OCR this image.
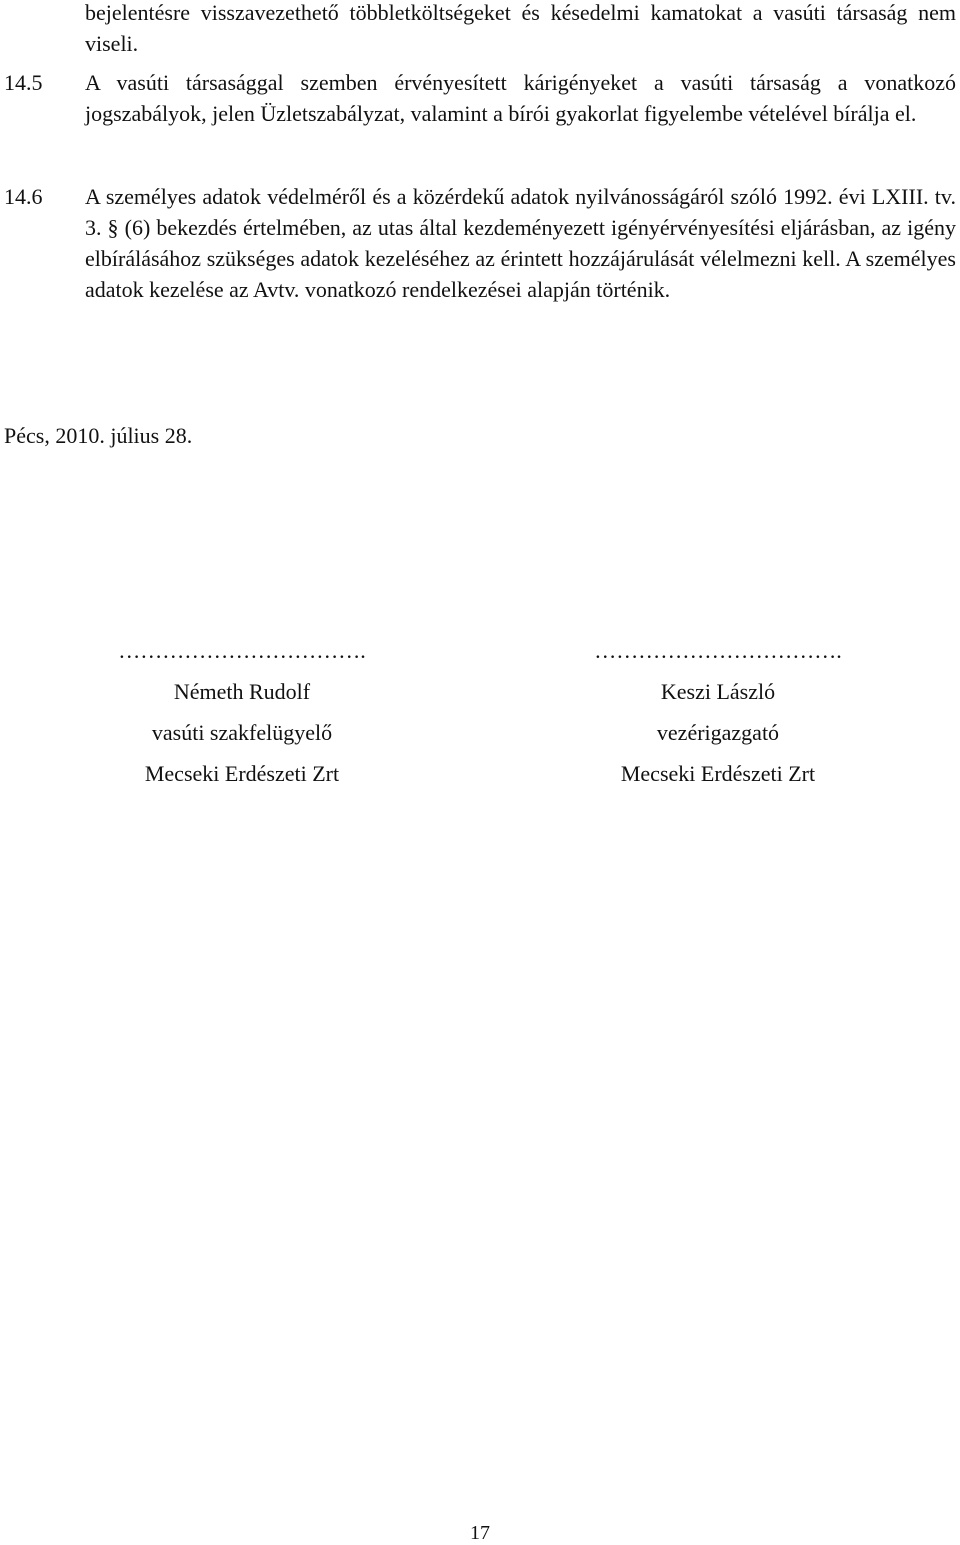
bejelentésre visszavezethető többletköltségeket és késedelmi kamatokat a vasúti társaság nem viseli.
14.5 A vasúti társasággal szemben érvényesített kárigényeket a vasúti társaság a vonatkozó jogszabályok, jelen Üzletszabályzat, valamint a bírói gyakorlat figyelembe vételével bírálja el.
14.6 A személyes adatok védelméről és a közérdekű adatok nyilvánosságáról szóló 1992. évi LXIII. tv. 3. § (6) bekezdés értelmében, az utas által kezdeményezett igényérvényesítési eljárásban, az igény elbírálásához szükséges adatok kezeléséhez az érintett hozzájárulását vélelmezni kell. A személyes adatok kezelése az Avtv. vonatkozó rendelkezései alapján történik.
Pécs, 2010. július 28.
…………………………….
Németh Rudolf
vasúti szakfelügyelő
Mecseki Erdészeti Zrt
…………………………….
Keszi László
vezérigazgató
Mecseki Erdészeti Zrt
17
